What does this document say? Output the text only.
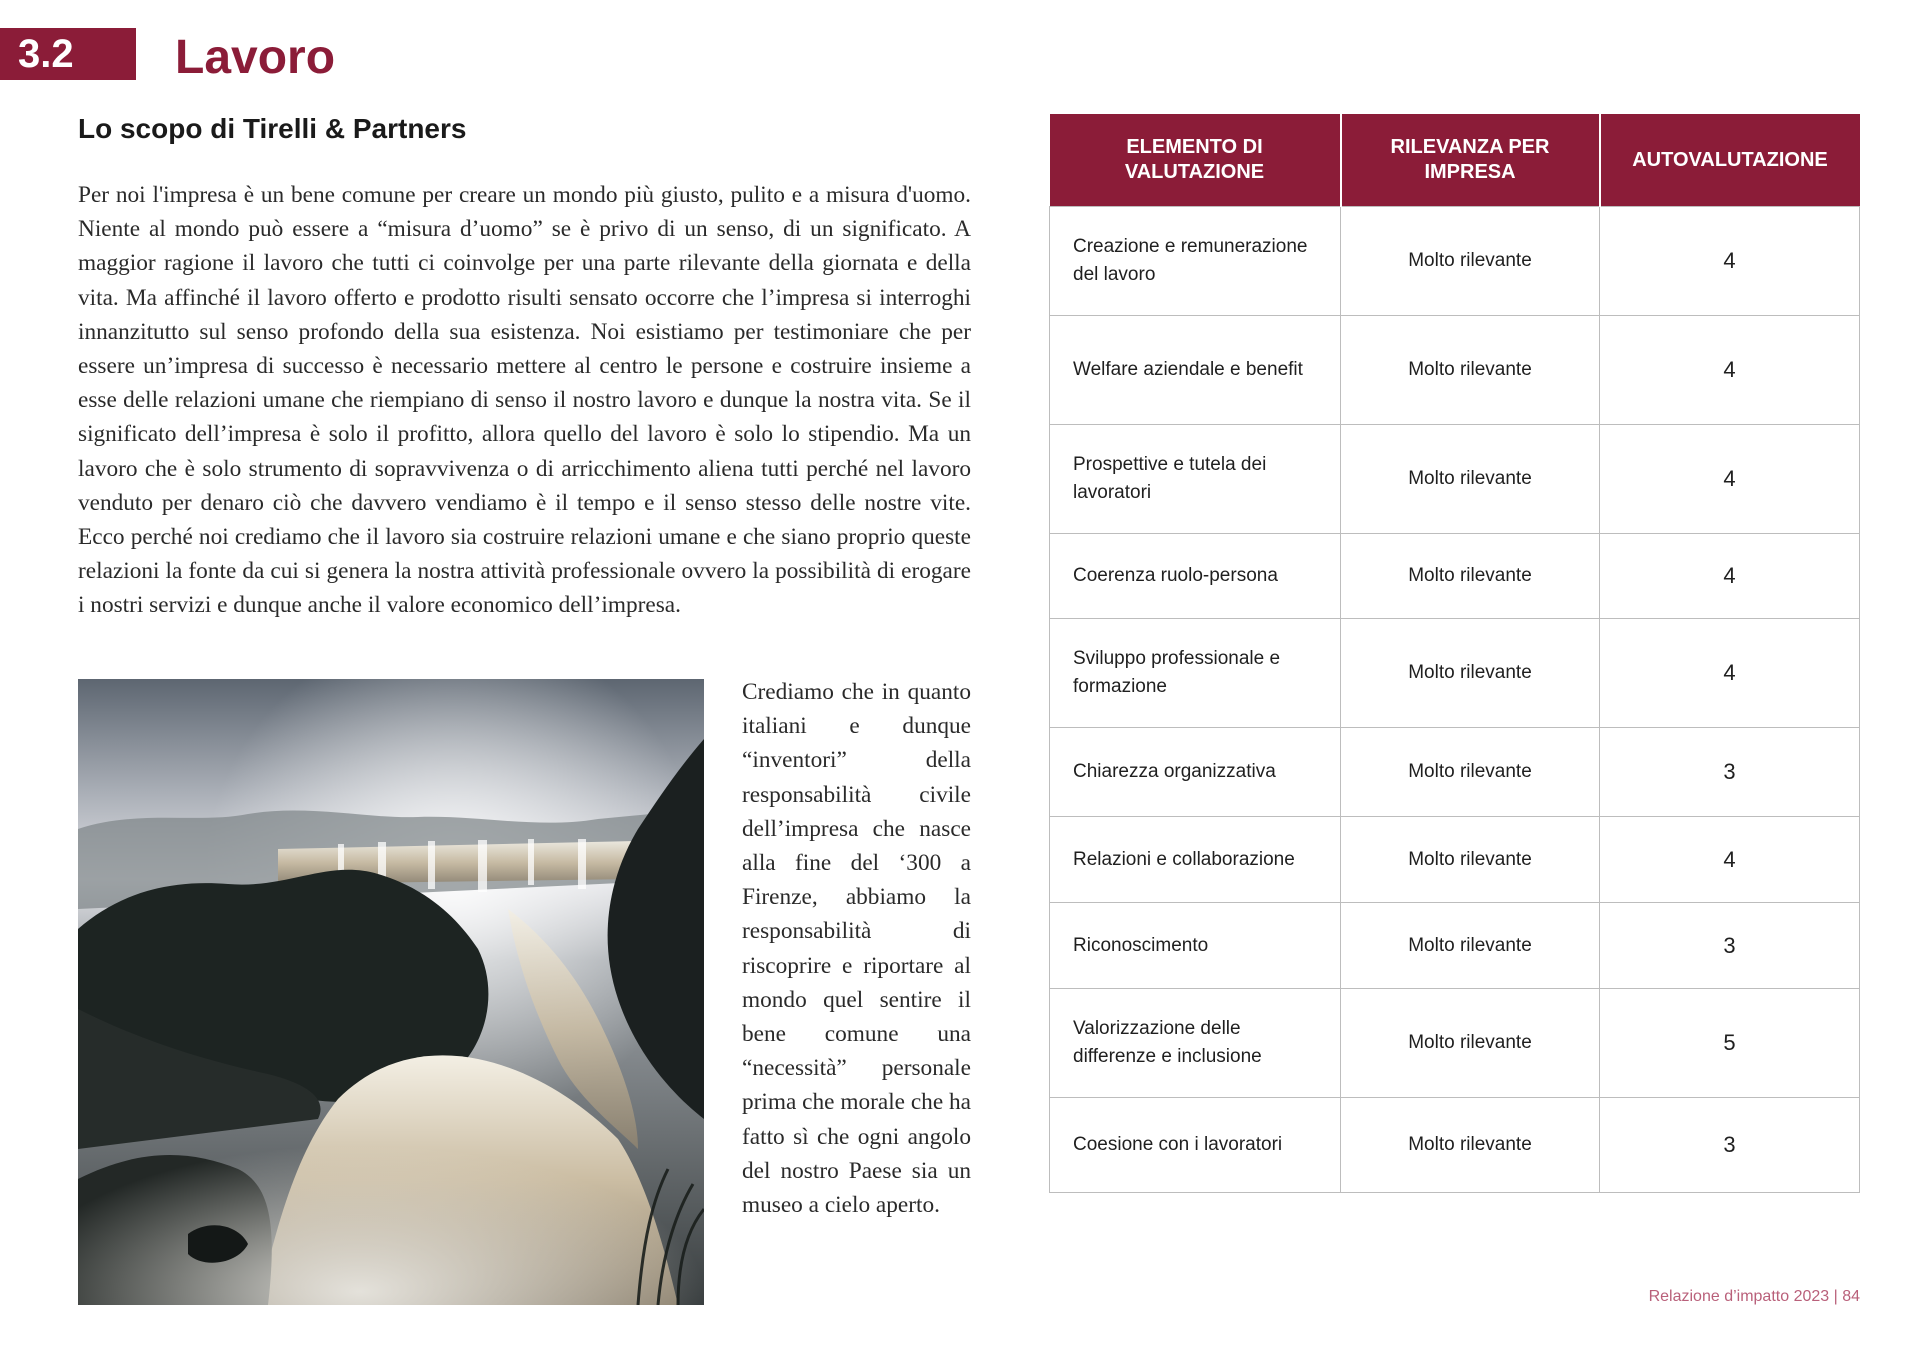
3.2	Lavoro
Lo scopo di Tirelli & Partners

Per noi l'impresa è un bene comune per creare un mondo più giusto, pulito e a misura d'uomo. Niente al mondo può essere a “misura d’uomo” se è privo di un senso, di un significato. A maggior ragione il lavoro che tutti ci coinvolge per una parte rilevante della giornata e della vita. Ma affinché il lavoro offerto e prodotto risulti sensato occorre che l’impresa si interroghi innanzitutto sul senso profondo della sua esistenza. Noi esistiamo per testimoniare che per essere un’impresa di successo è necessario mettere al centro le persone e costruire insieme a esse delle relazioni umane che riempiano di senso il nostro lavoro e dunque la nostra vita. Se il significato dell’impresa è solo il profitto, allora quello del lavoro è solo lo stipendio. Ma un lavoro che è solo strumento di sopravvivenza o di arricchimento aliena tutti perché nel lavoro venduto per denaro ciò che davvero vendiamo è il tempo e il senso stesso delle nostre vite. Ecco perché noi crediamo che il lavoro sia costruire relazioni umane e che siano proprio queste relazioni la fonte da cui si genera la nostra attività professionale ovvero la possibilità di erogare i nostri servizi e dunque anche il valore economico dell’impresa.

Crediamo che in quanto italiani e dunque “inventori” della responsabilità civile dell’impresa che nasce alla fine del ‘300 a Firenze, abbiamo la responsabilità di riscoprire e riportare al mondo quel sentire il bene comune una “necessità” personale prima che morale che ha fatto sì che ogni angolo del nostro Paese sia un museo a cielo aperto.

ELEMENTO DI VALUTAZIONE	RILEVANZA PER IMPRESA	AUTOVALUTAZIONE
Creazione e remunerazione del lavoro	Molto rilevante	4
Welfare aziendale e benefit	Molto rilevante	4
Prospettive e tutela dei lavoratori	Molto rilevante	4
Coerenza ruolo-persona	Molto rilevante	4
Sviluppo professionale e formazione	Molto rilevante	4
Chiarezza organizzativa	Molto rilevante	3
Relazioni e collaborazione	Molto rilevante	4
Riconoscimento	Molto rilevante	3
Valorizzazione delle differenze e inclusione	Molto rilevante	5
Coesione con i lavoratori	Molto rilevante	3
Relazione d’impatto 2023 | 84
